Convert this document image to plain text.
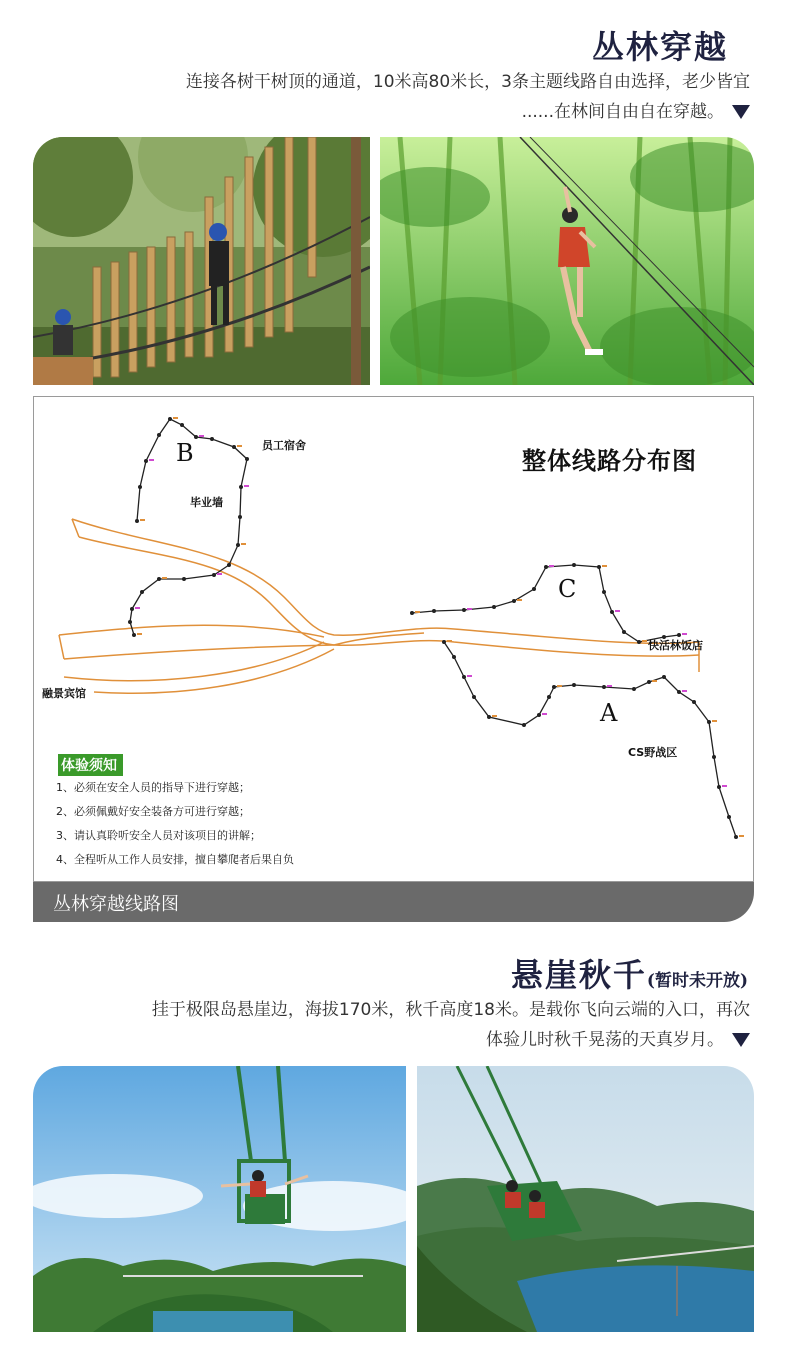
丛林穿越
连接各树干树顶的通道，10米高80米长，3条主题线路自由选择，老少皆宜
......在林间自由自在穿越。
B
C
A
整体线路分布图
员工宿舍
毕业墙
融景宾馆
快活林饭店
CS野战区
体验须知
1、必须在安全人员的指导下进行穿越；
2、必须佩戴好安全装备方可进行穿越；
3、请认真聆听安全人员对该项目的讲解；
4、全程听从工作人员安排，擅自攀爬者后果自负
丛林穿越线路图
悬崖秋千(暂时未开放)
挂于极限岛悬崖边，海拔170米，秋千高度18米。是载你飞向云端的入口，再次
体验儿时秋千晃荡的天真岁月。
